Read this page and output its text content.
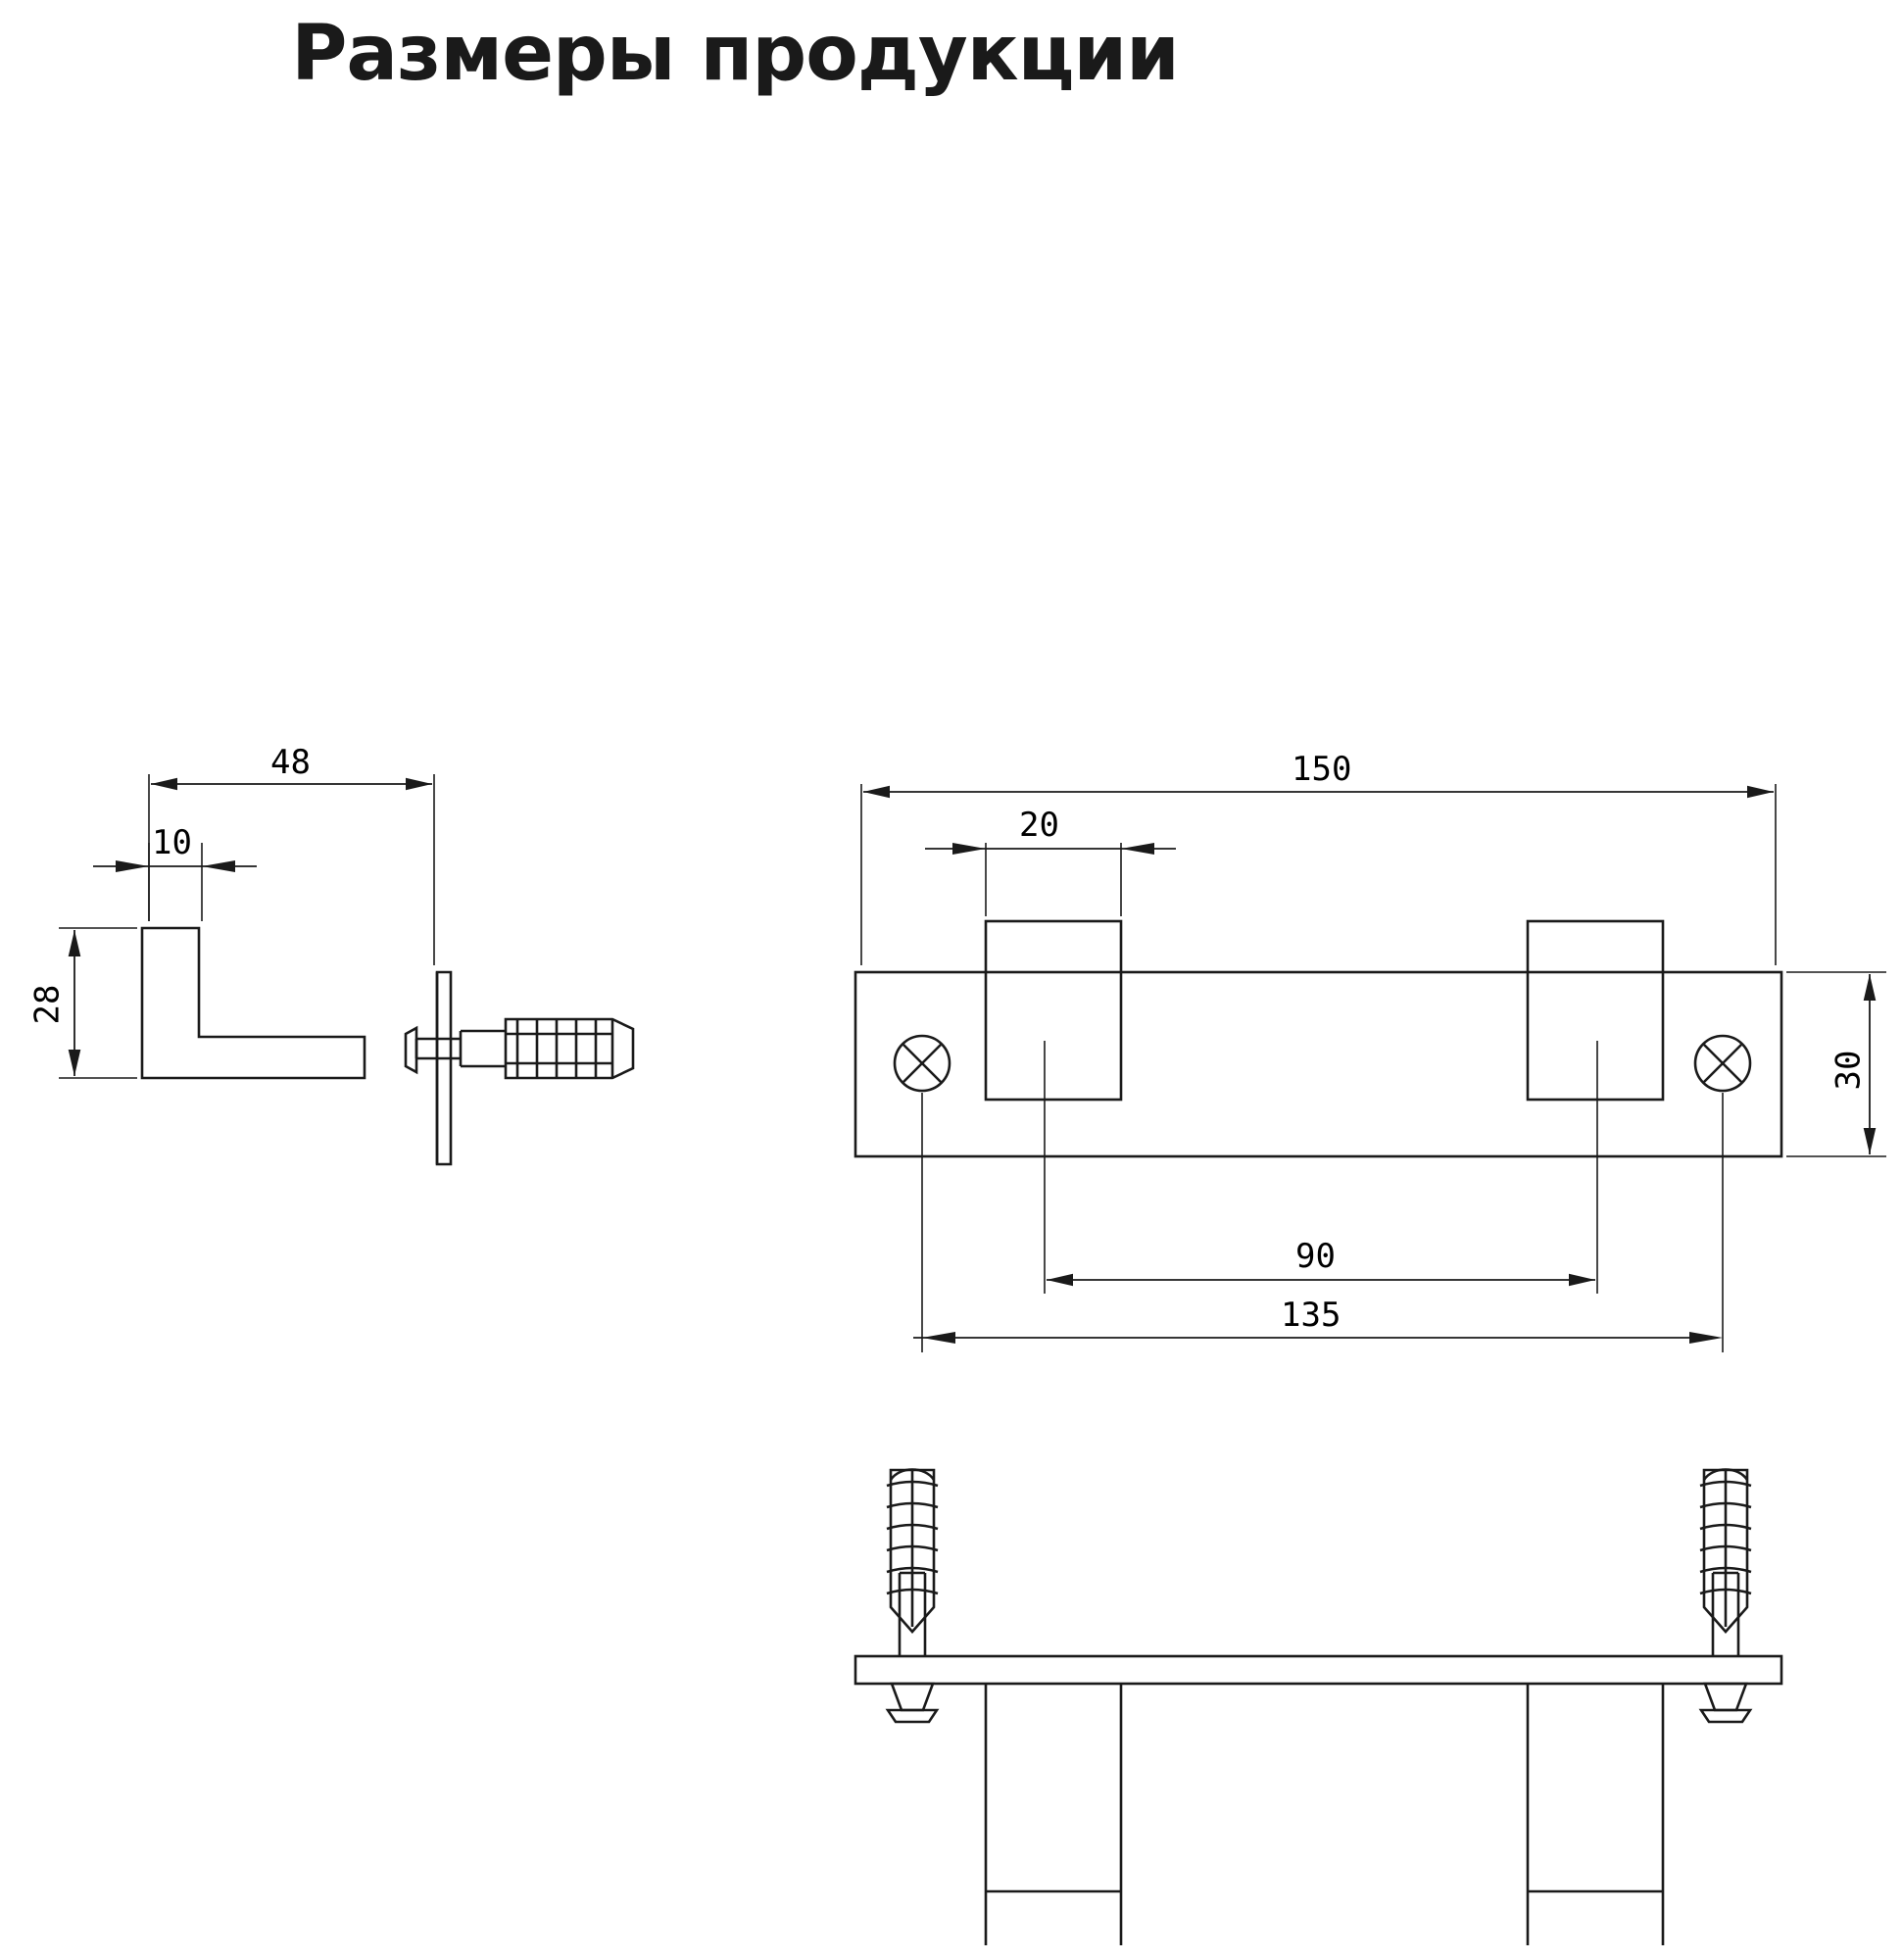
Размеры продукции
48
10
28
150
20
30
90
135
